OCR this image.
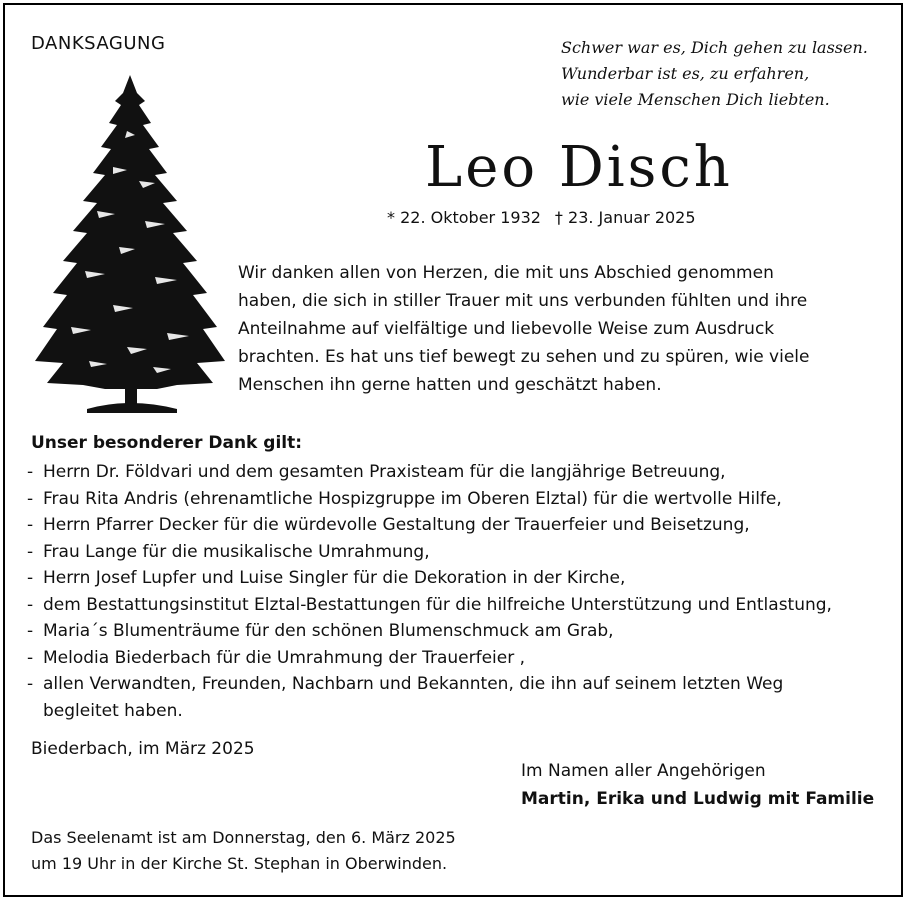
DANKSAGUNG	Schwer war es, Dich gehen zu lassen.
Wunderbar ist es, zu erfahren,
wie viele Menschen Dich liebten.
Leo Disch
* 22. Oktober 1932 † 23. Januar 2025
Wir danken allen von Herzen, die mit uns Abschied genommen
haben, die sich in stiller Trauer mit uns verbunden fühlten und ihre
Anteilnahme auf vielfältige und liebevolle Weise zum Ausdruck
brachten. Es hat uns tief bewegt zu sehen und zu spüren, wie viele
Menschen ihn gerne hatten und geschätzt haben.
Unser besonderer Dank gilt:
- Herrn Dr. Földvari und dem gesamten Praxisteam für die langjährige Betreuung,
- Frau Rita Andris (ehrenamtliche Hospizgruppe im Oberen Elztal) für die wertvolle Hilfe,
- Herrn Pfarrer Decker für die würdevolle Gestaltung der Trauerfeier und Beisetzung,
- Frau Lange für die musikalische Umrahmung,
- Herrn Josef Lupfer und Luise Singler für die Dekoration in der Kirche,
- dem Bestattungsinstitut Elztal-Bestattungen für die hilfreiche Unterstützung und Entlastung,
- Maria´s Blumenträume für den schönen Blumenschmuck am Grab,
- Melodia Biederbach für die Umrahmung der Trauerfeier ,
- allen Verwandten, Freunden, Nachbarn und Bekannten, die ihn auf seinem letzten Weg
begleitet haben.
Biederbach, im März 2025
Im Namen aller Angehörigen
Martin, Erika und Ludwig mit Familie
Das Seelenamt ist am Donnerstag, den 6. März 2025
um 19 Uhr in der Kirche St. Stephan in Oberwinden.
